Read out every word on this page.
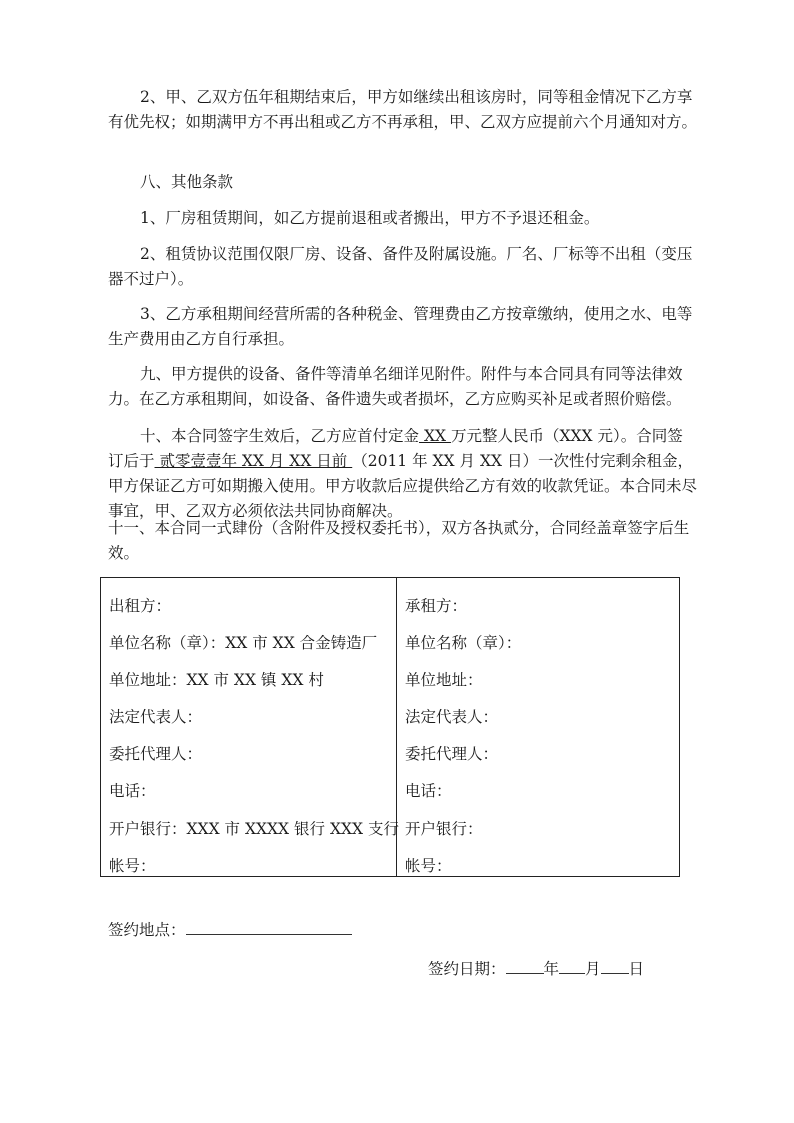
2、甲、乙双方伍年租期结束后，甲方如继续出租该房时，同等租金情况下乙方享有优先权；如期满甲方不再出租或乙方不再承租，甲、乙双方应提前六个月通知对方。

八、其他条款

1、厂房租赁期间，如乙方提前退租或者搬出，甲方不予退还租金。

2、租赁协议范围仅限厂房、设备、备件及附属设施。厂名、厂标等不出租（变压器不过户）。

3、乙方承租期间经营所需的各种税金、管理费由乙方按章缴纳，使用之水、电等生产费用由乙方自行承担。

九、甲方提供的设备、备件等清单名细详见附件。附件与本合同具有同等法律效力。在乙方承租期间，如设备、备件遗失或者损坏，乙方应购买补足或者照价赔偿。

十、本合同签字生效后，乙方应首付定金 XX 万元整人民币（XXX 元）。合同签订后于 贰零壹壹年 XX 月 XX 日前 （2011 年 XX 月 XX 日）一次性付完剩余租金，甲方保证乙方可如期搬入使用。甲方收款后应提供给乙方有效的收款凭证。本合同未尽事宜，甲、乙双方必须依法共同协商解决。

十一、本合同一式肆份（含附件及授权委托书），双方各执贰分，合同经盖章签字后生效。

出租方：
单位名称（章）：XX 市 XX 合金铸造厂
单位地址：XX 市 XX 镇 XX 村
法定代表人：
委托代理人：
电话：
开户银行：XXX 市 XXXX 银行 XXX 支行
帐号：
承租方：
单位名称（章）：
单位地址：
法定代表人：
委托代理人：
电话：
开户银行：
帐号：
签约地点：
签约日期： 年 月 日
